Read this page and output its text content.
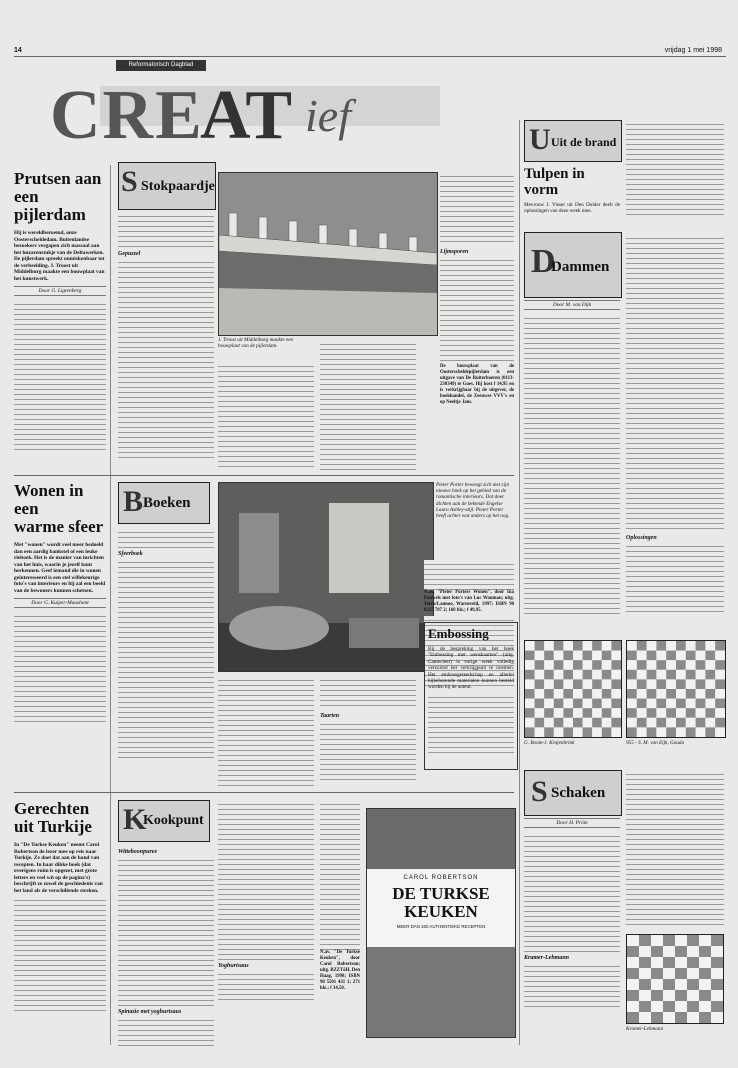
14	vrijdag 1 mei 1998
Reformatorisch Dagblad
CRE
AT ief
Prutsen aan
een pijlerdam
Hij is wereldberoemd, onze Oosterscheldedam. Buitenlandse bezoekers vergapen zich massaal aan het huzarenstukje van de Deltawerken. De pijlerdam spreekt onmiskenbaar tot de verbeelding. J. Troost uit Middelburg maakte een bouwplaat van het kunstwerk.
Door G. Ligtenberg
S Stokpaardje
Gepuzzel
J. Troost uit Middelburg maakte een bouwplaat van de pijlerdam.
Lijmsporen
De bouwplaat van de Oosterscheldepijlerdam is een uitgave van De Ruiterboeren (0113-230349) te Goes. Hij kost f 14,95 en is verkrijgbaar bij de uitgever, de boekhandel, de Zeeuwse VVV's en op Neeltje Jans.
Wonen in een
warme sfeer
Met "wonen" wordt veel meer bedoeld dan een aardig bankstel of een leuke rieboek. Het is de manier van inrichten van het huis, waarin je jezelf kunt herkennen. Geef iemand die in wonen geïnteresseerd is een stel willekeurige foto's van interieurs en hij zal een beeld van de bewoners kunnen schetsen.
Door G. Kuiper-Maashant
B Boeken
Sfeerboek
Pieter Porter beweegt zich met zijn nieuwe boek op het gebied van de romantische interieurs. Dat doet dichten aan de bekende Engelse Laura Ashley-stijl. Pieter Porter heeft achter wat anders op het oog.
Taarten
N.av. "Pieter Porters Wonen", door Ina Pauwels met foto's van Luc Wauman; uitg. Terra/Lannoo, Warnsveld, 1997; ISBN 90 6255 787 2; 160 blz.; f 49,95.
Gerechten
uit Turkije
In "De Turkse Keuken" neemt Carol Robertson de lezer mee op reis naar Turkije. Ze doet dat aan de hand van recepten. In haar dikke boek (dat overigens ruim is opgezet, met grote letters en veel wit op de pagina's) beschrijft ze zowel de geschiedenis van het land als de verschillende streken.
K
Kookpunt
Witteboonpuree
Spinazie met yoghurtsaus
Yoghurtsaus
N.av. "De Turkse Keuken", door Carol Robertson; uitg. BZZTôH, Den Haag, 1998; ISBN 90 5501 431 1; 271 blz.; f 34,50.
CAROL ROBERTSON
DE TURKSE
KEUKEN
MEER DAN 150 AUTHENTIEKE RECEPTEN
U Uit de brand
Tulpen in vorm
Mevrouw J. Visser uit Den Dolder deelt de oplossingen van deze week mee.
D
Dammen
Door M. van Dijk
Oplossingen
Embossing
Bij de bespreking van het boek "Embossing met wenskaarten" (uitg. Cantecleer) is vorige week volledig verzuimd het verkrijgpunt te noemen. Het embossgereedschap en allerlei bijbehorende materialen kunnen besteld worden bij de auteur.
G. Boom-J. Krajenbrink	955 - S. M. van Eijk, Gouda
S Schaken
Door H. Pröm
Kramer-Lehmann
Kramer-Lehmann
